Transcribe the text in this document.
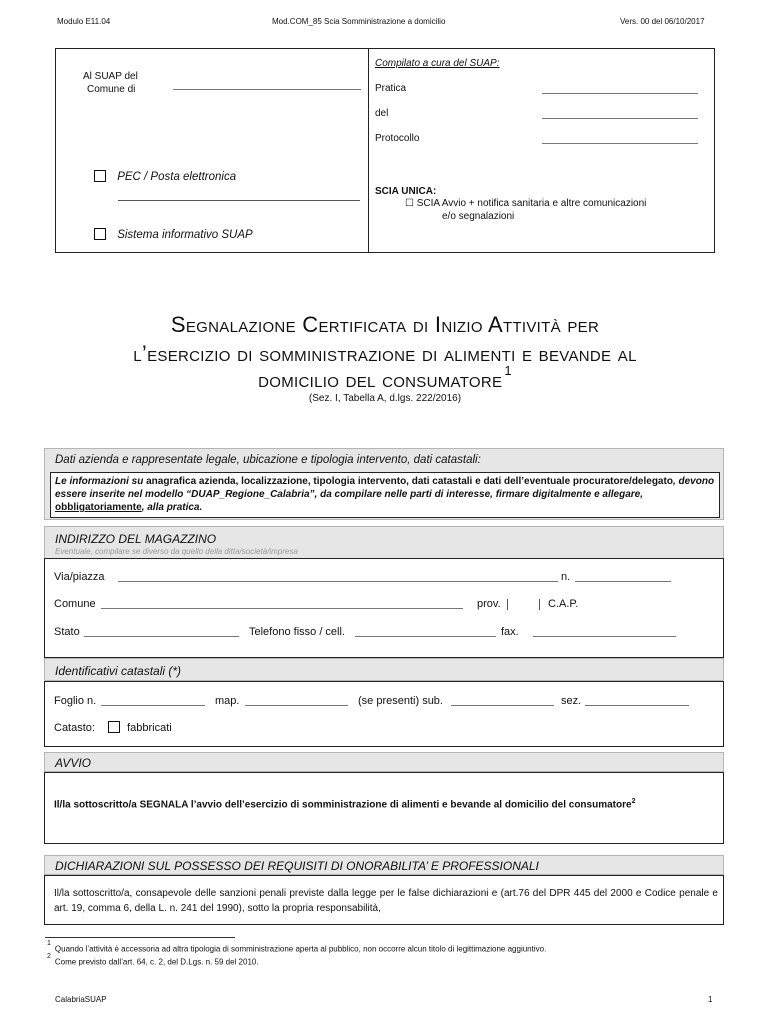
Modulo E11.04	Mod.COM_85 Scia Somministrazione a domicilio	Vers. 00 del 06/10/2017
Al SUAP del
Comune di
PEC / Posta elettronica
Sistema informativo SUAP
Compilato a cura del SUAP:
Pratica
del
Protocollo
SCIA UNICA:
☐ SCIA Avvio + notifica sanitaria e altre comunicazioni
e/o segnalazioni
Segnalazione Certificata di Inizio Attività per
l’esercizio di somministrazione di alimenti e bevande al
domicilio del consumatore $^1$
(Sez. I, Tabella A, d.lgs. 222/2016)
Dati azienda e rappresentate legale, ubicazione e tipologia intervento, dati catastali:
Le informazioni su anagrafica azienda, localizzazione, tipologia intervento, dati catastali e dati dell’eventuale procuratore/delegato, devono essere inserite nel modello “DUAP_Regione_Calabria”, da compilare nelle parti di interesse, firmare digitalmente e allegare, obbligatoriamente, alla pratica.
INDIRIZZO DEL MAGAZZINO
Eventuale, compilare se diverso da quello della ditta/società/impresa
Via/piazza	n.
Comune	prov.	C.A.P.
Stato	Telefono fisso / cell.	fax.
Identificativi catastali (*)
Foglio n.	map.	(se presenti) sub.	sez.
Catasto:	fabbricati
AVVIO
Il/la sottoscritto/a SEGNALA l’avvio dell’esercizio di somministrazione di alimenti e bevande al domicilio del consumatore$^2$
DICHIARAZIONI SUL POSSESSO DEI REQUISITI DI ONORABILITA’ E PROFESSIONALI
Il/la sottoscritto/a, consapevole delle sanzioni penali previste dalla legge per le false dichiarazioni e (art.76 del DPR 445 del 2000 e Codice penale e art. 19, comma 6, della L. n. 241 del 1990), sotto la propria responsabilità,
$^1$Quando l’attività è accessoria ad altra tipologia di somministrazione aperta al pubblico, non occorre alcun titolo di legittimazione aggiuntivo.
$^2$Come previsto dall’art. 64, c. 2, del D.Lgs. n. 59 del 2010.
CalabriaSUAP	1
